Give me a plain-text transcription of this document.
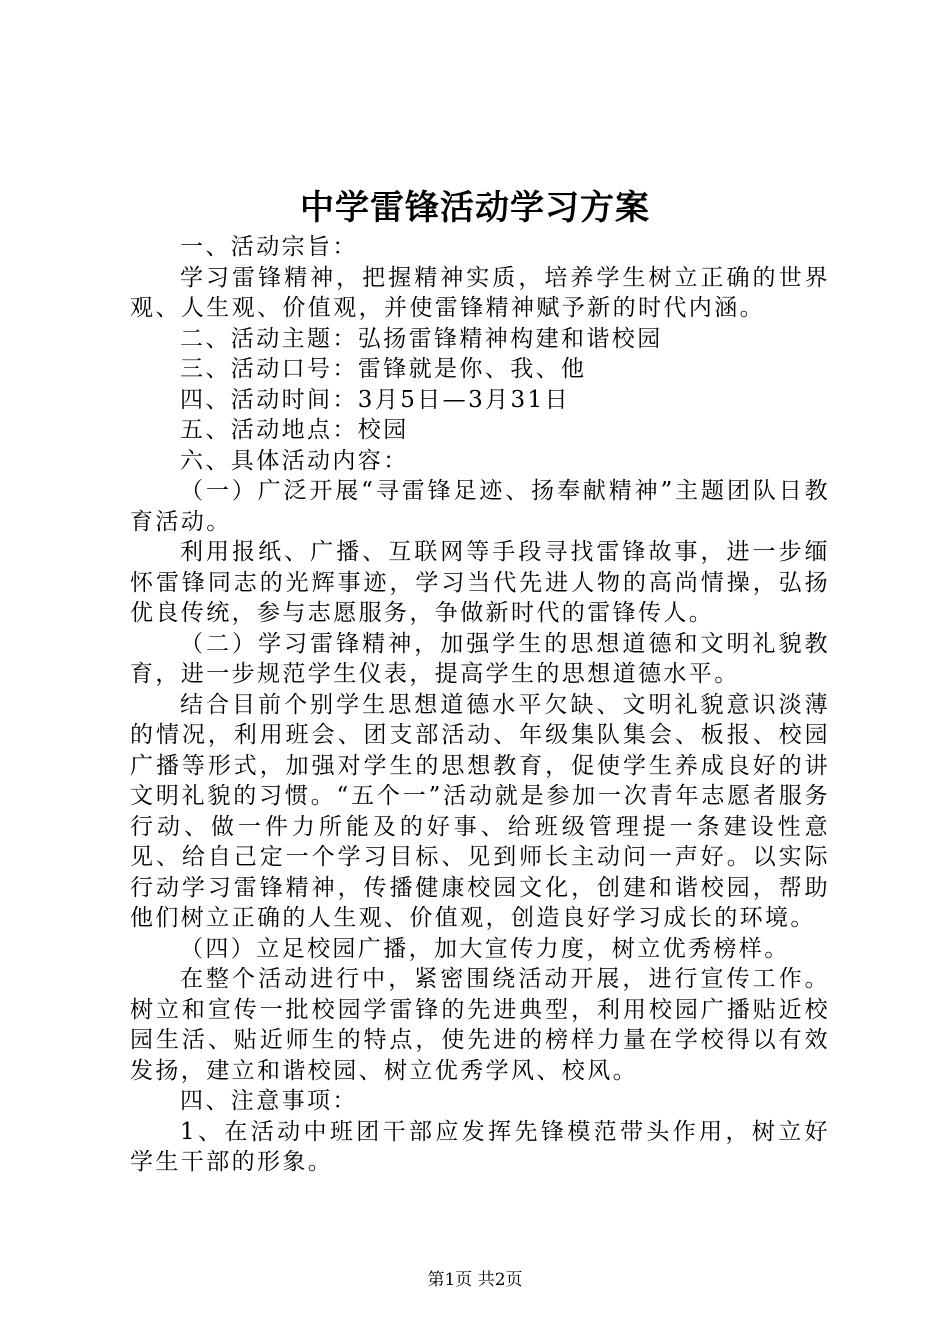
中学雷锋活动学习方案

一、活动宗旨：

学习雷锋精神，把握精神实质，培养学生树立正确的世界观、人生观、价值观，并使雷锋精神赋予新的时代内涵。

二、活动主题：弘扬雷锋精神构建和谐校园

三、活动口号：雷锋就是你、我、他

四、活动时间：3月5日—3月31日

五、活动地点：校园

六、具体活动内容：

（一）广泛开展“寻雷锋足迹、扬奉献精神”主题团队日教育活动。

利用报纸、广播、互联网等手段寻找雷锋故事，进一步缅怀雷锋同志的光辉事迹，学习当代先进人物的高尚情操，弘扬优良传统，参与志愿服务，争做新时代的雷锋传人。

（二）学习雷锋精神，加强学生的思想道德和文明礼貌教育，进一步规范学生仪表，提高学生的思想道德水平。

结合目前个别学生思想道德水平欠缺、文明礼貌意识淡薄的情况，利用班会、团支部活动、年级集队集会、板报、校园广播等形式，加强对学生的思想教育，促使学生养成良好的讲文明礼貌的习惯。“五个一”活动就是参加一次青年志愿者服务行动、做一件力所能及的好事、给班级管理提一条建设性意见、给自己定一个学习目标、见到师长主动问一声好。以实际行动学习雷锋精神，传播健康校园文化，创建和谐校园，帮助他们树立正确的人生观、价值观，创造良好学习成长的环境。

（四）立足校园广播，加大宣传力度，树立优秀榜样。

在整个活动进行中，紧密围绕活动开展，进行宣传工作。树立和宣传一批校园学雷锋的先进典型，利用校园广播贴近校园生活、贴近师生的特点，使先进的榜样力量在学校得以有效发扬，建立和谐校园、树立优秀学风、校风。

四、注意事项：

1、在活动中班团干部应发挥先锋模范带头作用，树立好学生干部的形象。

第1页 共2页
